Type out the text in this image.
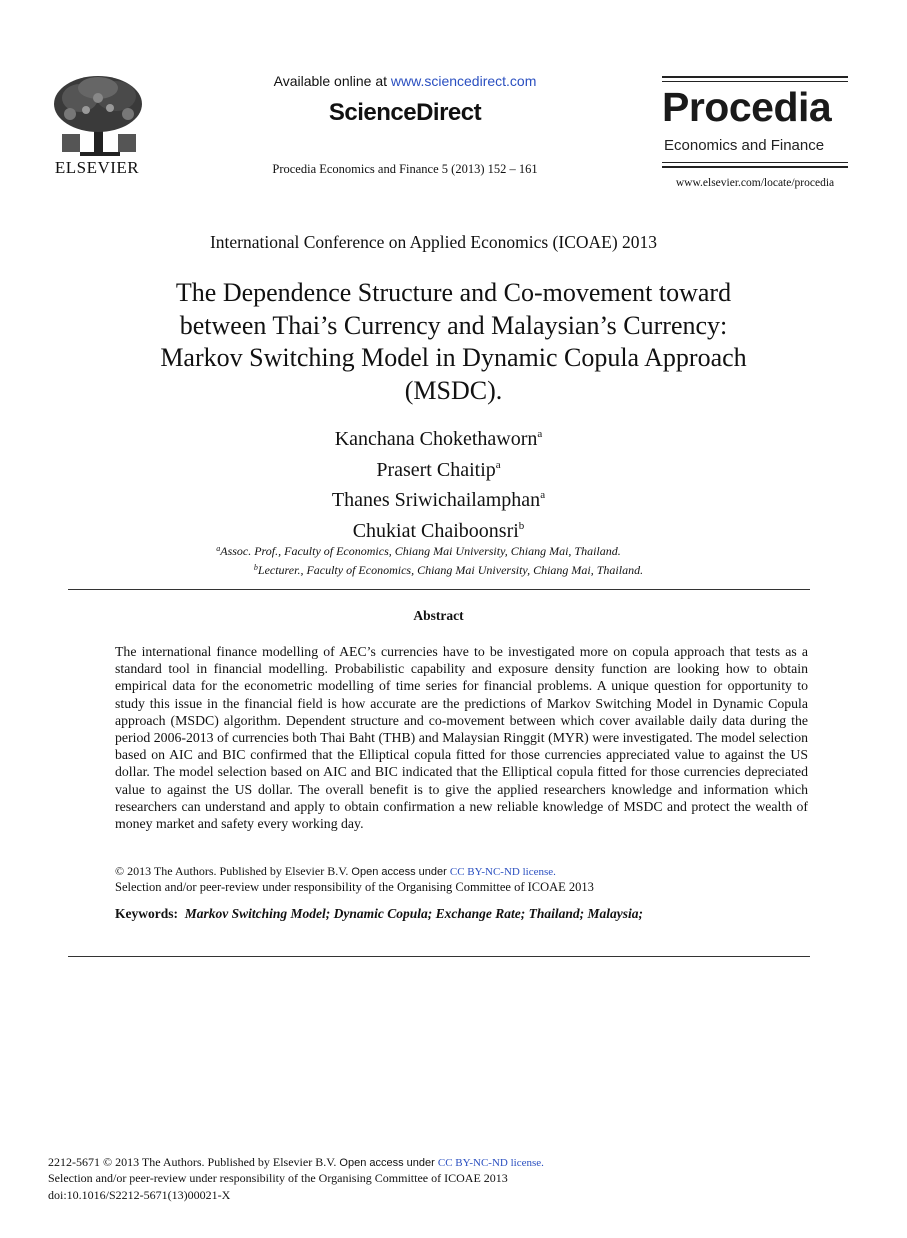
ELSEVIER
Available online at www.sciencedirect.com
ScienceDirect
Procedia Economics and Finance 5 (2013) 152 – 161
Procedia
Economics and Finance
www.elsevier.com/locate/procedia
International Conference on Applied Economics (ICOAE) 2013
The Dependence Structure and Co-movement toward
between Thai’s Currency and Malaysian’s Currency:
Markov Switching Model in Dynamic Copula Approach
(MSDC).
Kanchana Chokethaworn$^a$
Prasert Chaitip$^a$
Thanes Sriwichailamphan$^a$
Chukiat Chaiboonsri$^b$
$^a$Assoc. Prof., Faculty of Economics, Chiang Mai University, Chiang Mai, Thailand.
$^b$Lecturer., Faculty of Economics, Chiang Mai University, Chiang Mai, Thailand.
Abstract
The international finance modelling of AEC’s currencies have to be investigated more on copula approach that tests as a standard tool in financial modelling. Probabilistic capability and exposure density function are looking how to obtain empirical data for the econometric modelling of time series for financial problems. A unique question for opportunity to study this issue in the financial field is how accurate are the predictions of Markov Switching Model in Dynamic Copula approach (MSDC) algorithm. Dependent structure and co-movement between which cover available daily data during the period 2006-2013 of currencies both Thai Baht (THB) and Malaysian Ringgit (MYR) were investigated. The model selection based on AIC and BIC confirmed that the Elliptical copula fitted for those currencies appreciated value to against the US dollar. The model selection based on AIC and BIC indicated that the Elliptical copula fitted for those currencies depreciated value to against the US dollar. The overall benefit is to give the applied researchers knowledge and information which researchers can understand and apply to obtain confirmation a new reliable knowledge of MSDC and protect the wealth of money market and safety every working day.
© 2013 The Authors. Published by Elsevier B.V. Open access under CC BY-NC-ND license.
Selection and/or peer-review under responsibility of the Organising Committee of ICOAE 2013
Keywords: Markov Switching Model; Dynamic Copula; Exchange Rate; Thailand; Malaysia;
2212-5671 © 2013 The Authors. Published by Elsevier B.V. Open access under CC BY-NC-ND license.
Selection and/or peer-review under responsibility of the Organising Committee of ICOAE 2013
doi:10.1016/S2212-5671(13)00021-X
